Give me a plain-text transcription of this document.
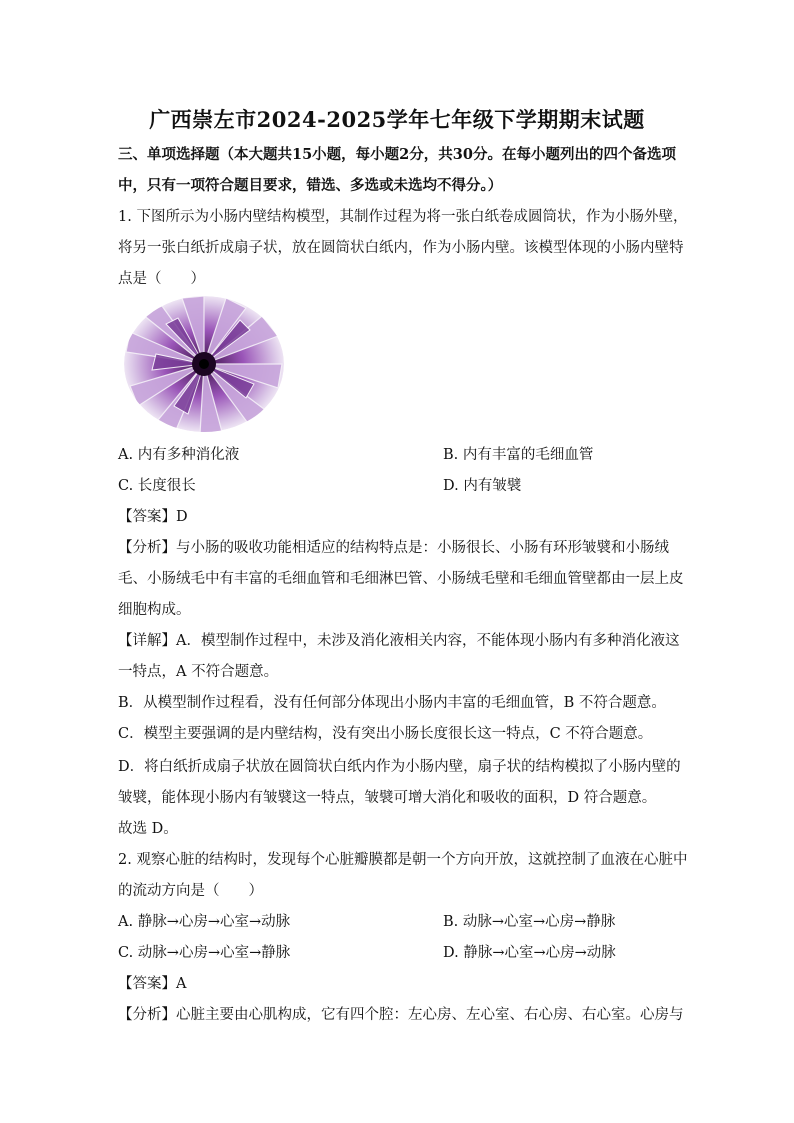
广西崇左市2024-2025学年七年级下学期期末试题
三、单项选择题（本大题共15小题，每小题2分，共30分。在每小题列出的四个备选项
中，只有一项符合题目要求，错选、多选或未选均不得分。）
1. 下图所示为小肠内壁结构模型，其制作过程为将一张白纸卷成圆筒状，作为小肠外壁，
将另一张白纸折成扇子状，放在圆筒状白纸内，作为小肠内壁。该模型体现的小肠内壁特
点是（　　）
A. 内有多种消化液	B. 内有丰富的毛细血管
C. 长度很长	D. 内有皱襞
【答案】D
【分析】与小肠的吸收功能相适应的结构特点是：小肠很长、小肠有环形皱襞和小肠绒
毛、小肠绒毛中有丰富的毛细血管和毛细淋巴管、小肠绒毛壁和毛细血管壁都由一层上皮
细胞构成。
【详解】A．模型制作过程中，未涉及消化液相关内容，不能体现小肠内有多种消化液这
一特点，A 不符合题意。
B．从模型制作过程看，没有任何部分体现出小肠内丰富的毛细血管，B 不符合题意。
C．模型主要强调的是内壁结构，没有突出小肠长度很长这一特点，C 不符合题意。
D．将白纸折成扇子状放在圆筒状白纸内作为小肠内壁，扇子状的结构模拟了小肠内壁的
皱襞，能体现小肠内有皱襞这一特点，皱襞可增大消化和吸收的面积，D 符合题意。
故选 D。
2. 观察心脏的结构时，发现每个心脏瓣膜都是朝一个方向开放，这就控制了血液在心脏中
的流动方向是（　　）
A. 静脉→心房→心室→动脉	B. 动脉→心室→心房→静脉
C. 动脉→心房→心室→静脉	D. 静脉→心室→心房→动脉
【答案】A
【分析】心脏主要由心肌构成，它有四个腔：左心房、左心室、右心房、右心室。心房与
